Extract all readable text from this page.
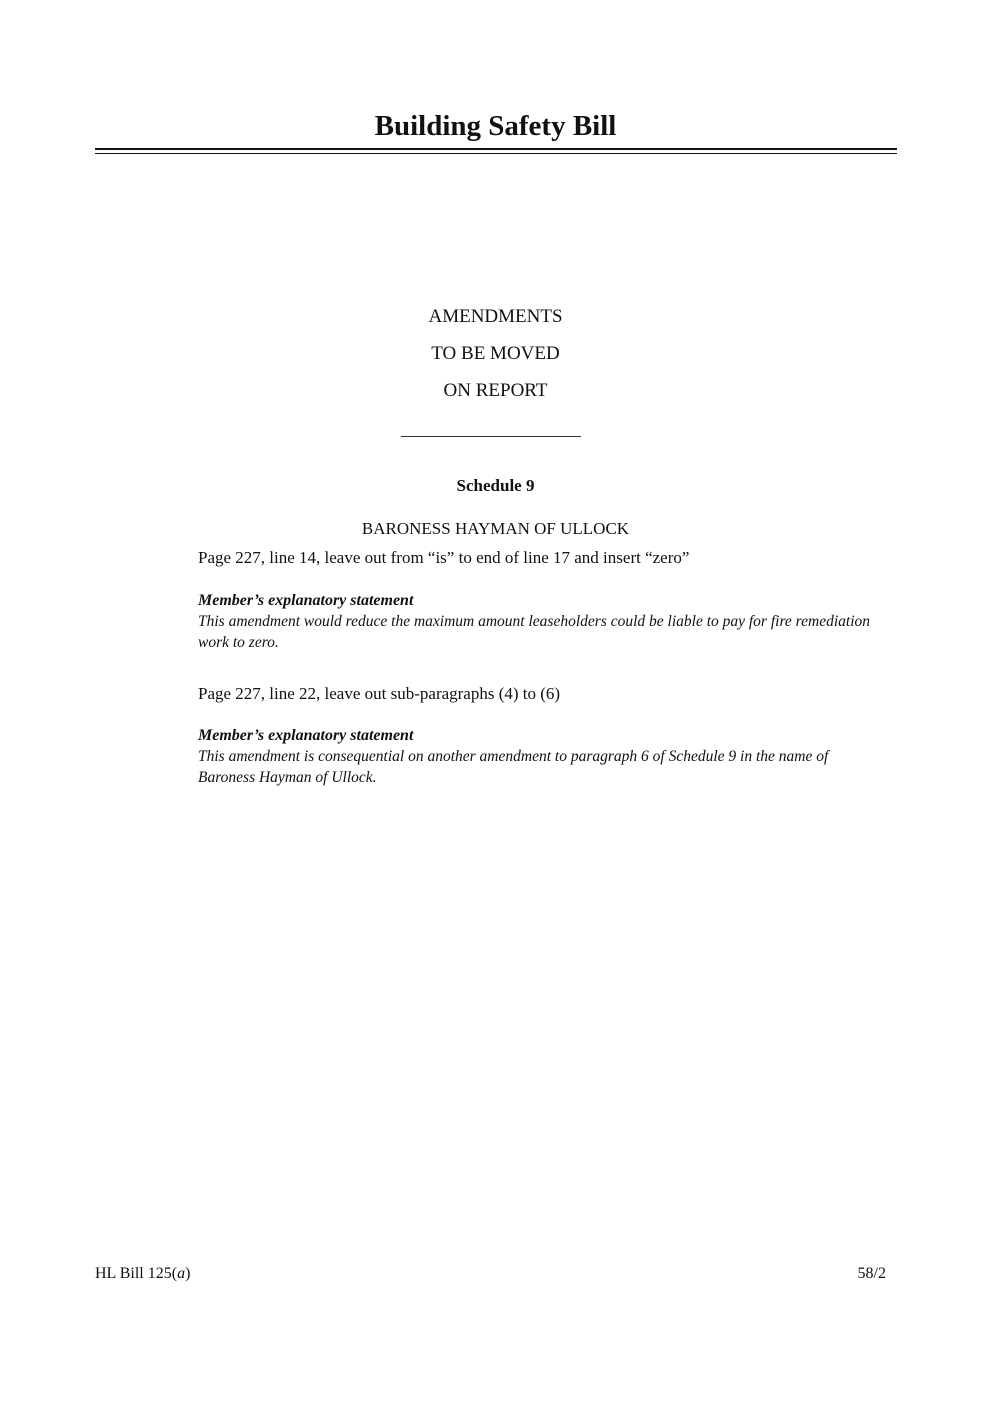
Building Safety Bill
AMENDMENTS
TO BE MOVED
ON REPORT
Schedule 9
BARONESS HAYMAN OF ULLOCK
Page 227, line 14, leave out from “is” to end of line 17 and insert “zero”
Member’s explanatory statement
This amendment would reduce the maximum amount leaseholders could be liable to pay for fire remediation work to zero.
Page 227, line 22, leave out sub-paragraphs (4) to (6)
Member’s explanatory statement
This amendment is consequential on another amendment to paragraph 6 of Schedule 9 in the name of Baroness Hayman of Ullock.
HL Bill 125(a)	58/2
